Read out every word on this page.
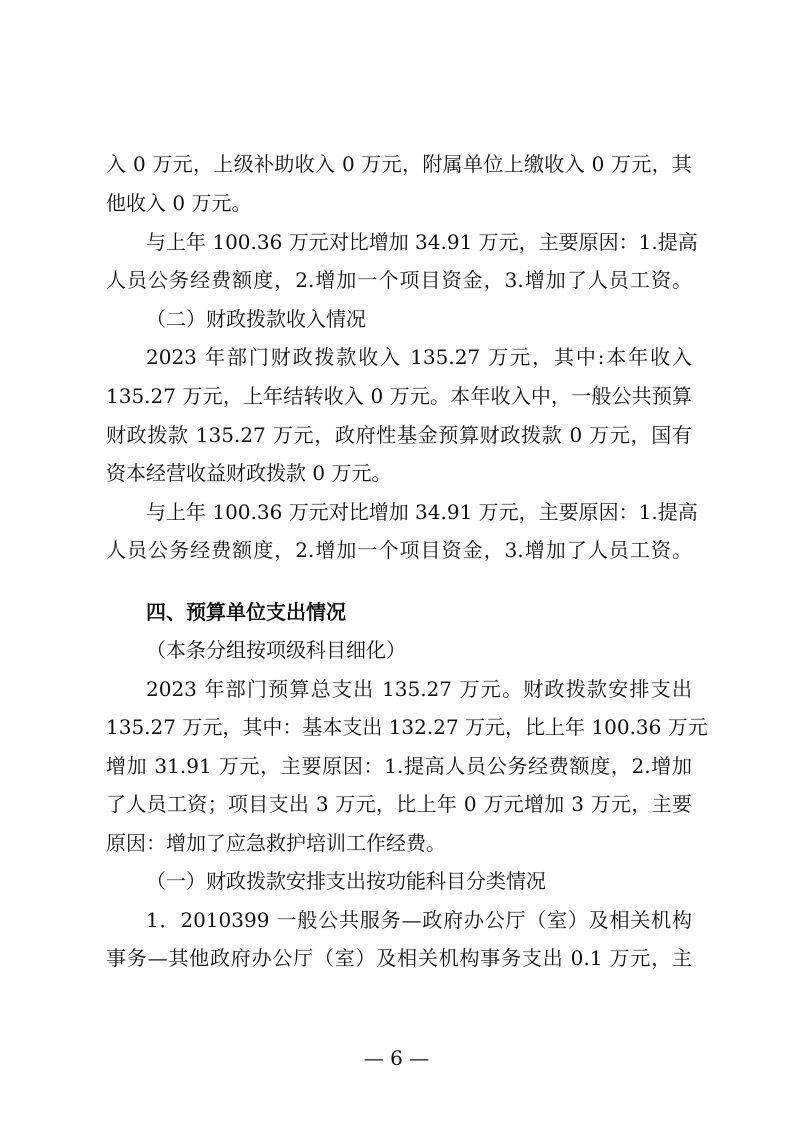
入 0 万元，上级补助收入 0 万元，附属单位上缴收入 0 万元，其
他收入 0 万元。
与上年 100.36 万元对比增加 34.91 万元，主要原因：1.提高
人员公务经费额度，2.增加一个项目资金，3.增加了人员工资。
（二）财政拨款收入情况
2023 年部门财政拨款收入 135.27 万元，其中:本年收入
135.27 万元，上年结转收入 0 万元。本年收入中，一般公共预算
财政拨款 135.27 万元，政府性基金预算财政拨款 0 万元，国有
资本经营收益财政拨款 0 万元。
与上年 100.36 万元对比增加 34.91 万元，主要原因：1.提高
人员公务经费额度，2.增加一个项目资金，3.增加了人员工资。
四、预算单位支出情况
（本条分组按项级科目细化）
2023 年部门预算总支出 135.27 万元。财政拨款安排支出
135.27 万元，其中：基本支出 132.27 万元，比上年 100.36 万元
增加 31.91 万元，主要原因：1.提高人员公务经费额度，2.增加
了人员工资；项目支出 3 万元，比上年 0 万元增加 3 万元，主要
原因：增加了应急救护培训工作经费。
（一）财政拨款安排支出按功能科目分类情况
1．2010399 一般公共服务—政府办公厅（室）及相关机构
事务—其他政府办公厅（室）及相关机构事务支出 0.1 万元，主
— 6 —
